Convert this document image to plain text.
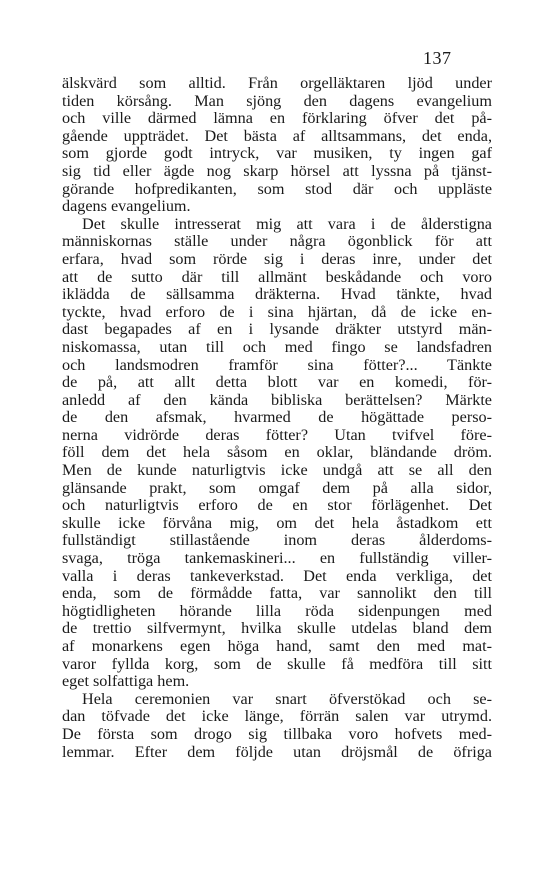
137
älskvärd som alltid. Från orgelläktaren ljöd under
tiden körsång. Man sjöng den dagens evangelium
och ville därmed lämna en förklaring öfver det på-
gående uppträdet. Det bästa af alltsammans, det enda,
som gjorde godt intryck, var musiken, ty ingen gaf
sig tid eller ägde nog skarp hörsel att lyssna på tjänst-
görande hofpredikanten, som stod där och uppläste
dagens evangelium.
Det skulle intresserat mig att vara i de ålderstigna
människornas ställe under några ögonblick för att
erfara, hvad som rörde sig i deras inre, under det
att de sutto där till allmänt beskådande och voro
iklädda de sällsamma dräkterna. Hvad tänkte, hvad
tyckte, hvad erforo de i sina hjärtan, då de icke en-
dast begapades af en i lysande dräkter utstyrd män-
niskomassa, utan till och med fingo se landsfadren
och landsmodren framför sina fötter?... Tänkte
de på, att allt detta blott var en komedi, för-
anledd af den kända bibliska berättelsen? Märkte
de den afsmak, hvarmed de högättade perso-
nerna vidrörde deras fötter? Utan tvifvel före-
föll dem det hela såsom en oklar, bländande dröm.
Men de kunde naturligtvis icke undgå att se all den
glänsande prakt, som omgaf dem på alla sidor,
och naturligtvis erforo de en stor förlägenhet. Det
skulle icke förvåna mig, om det hela åstadkom ett
fullständigt stillastående inom deras ålderdoms-
svaga, tröga tankemaskineri... en fullständig viller-
valla i deras tankeverkstad. Det enda verkliga, det
enda, som de förmådde fatta, var sannolikt den till
högtidligheten hörande lilla röda sidenpungen med
de trettio silfvermynt, hvilka skulle utdelas bland dem
af monarkens egen höga hand, samt den med mat-
varor fyllda korg, som de skulle få medföra till sitt
eget solfattiga hem.
Hela ceremonien var snart öfverstökad och se-
dan töfvade det icke länge, förrän salen var utrymd.
De första som drogo sig tillbaka voro hofvets med-
lemmar. Efter dem följde utan dröjsmål de öfriga
